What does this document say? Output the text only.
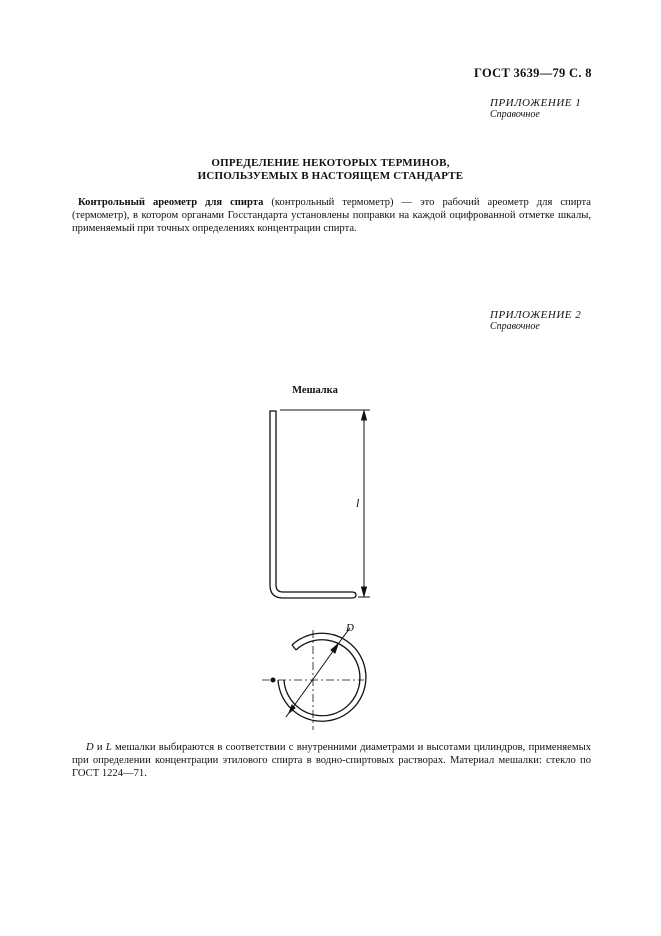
ГОСТ 3639—79 С. 8
ПРИЛОЖЕНИЕ 1
Справочное
ОПРЕДЕЛЕНИЕ НЕКОТОРЫХ ТЕРМИНОВ,
ИСПОЛЬЗУЕМЫХ В НАСТОЯЩЕМ СТАНДАРТЕ
Контрольный ареометр для спирта (контрольный термометр) — это рабочий ареометр для спирта (термометр), в котором органами Госстандарта установлены поправки на каждой оцифрованной отметке шкалы, применяемый при точных определениях концентрации спирта.
ПРИЛОЖЕНИЕ 2
Справочное
Мешалка
l
D
D и L мешалки выбираются в соответствии с внутренними диаметрами и высотами цилиндров, применяемых при определении концентрации этилового спирта в водно-спиртовых растворах. Материал мешалки: стекло по ГОСТ 1224—71.
